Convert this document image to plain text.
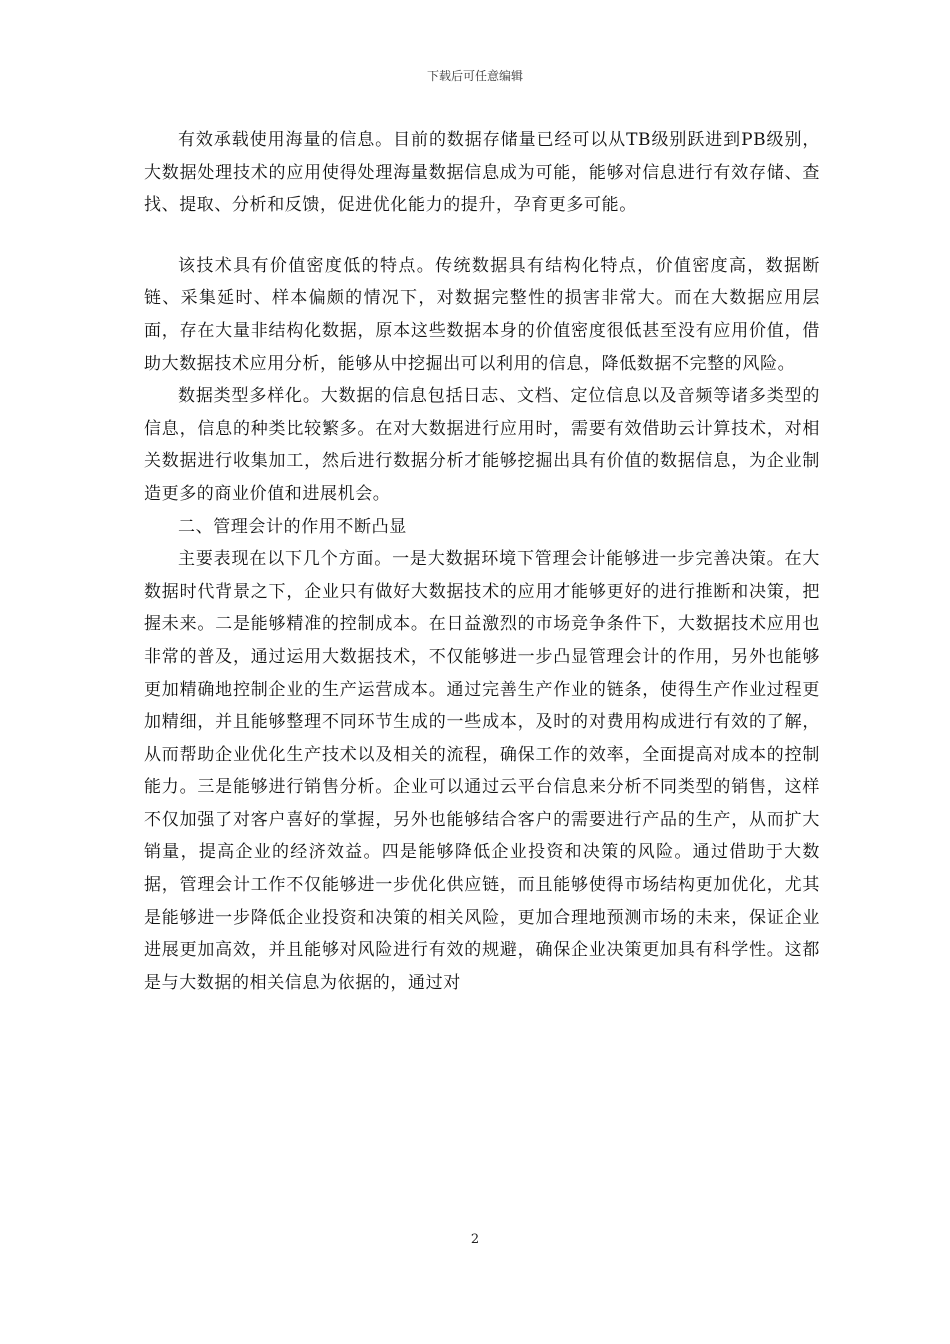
下载后可任意编辑

有效承载使用海量的信息。目前的数据存储量已经可以从TB级别跃进到PB级别，大数据处理技术的应用使得处理海量数据信息成为可能，能够对信息进行有效存储、查找、提取、分析和反馈，促进优化能力的提升，孕育更多可能。

该技术具有价值密度低的特点。传统数据具有结构化特点，价值密度高，数据断链、采集延时、样本偏颇的情况下，对数据完整性的损害非常大。而在大数据应用层面，存在大量非结构化数据，原本这些数据本身的价值密度很低甚至没有应用价值，借助大数据技术应用分析，能够从中挖掘出可以利用的信息，降低数据不完整的风险。

数据类型多样化。大数据的信息包括日志、文档、定位信息以及音频等诸多类型的信息，信息的种类比较繁多。在对大数据进行应用时，需要有效借助云计算技术，对相关数据进行收集加工，然后进行数据分析才能够挖掘出具有价值的数据信息，为企业制造更多的商业价值和进展机会。

二、管理会计的作用不断凸显

主要表现在以下几个方面。一是大数据环境下管理会计能够进一步完善决策。在大数据时代背景之下，企业只有做好大数据技术的应用才能够更好的进行推断和决策，把握未来。二是能够精准的控制成本。在日益激烈的市场竞争条件下，大数据技术应用也非常的普及，通过运用大数据技术，不仅能够进一步凸显管理会计的作用，另外也能够更加精确地控制企业的生产运营成本。通过完善生产作业的链条，使得生产作业过程更加精细，并且能够整理不同环节生成的一些成本，及时的对费用构成进行有效的了解，从而帮助企业优化生产技术以及相关的流程，确保工作的效率，全面提高对成本的控制能力。三是能够进行销售分析。企业可以通过云平台信息来分析不同类型的销售，这样不仅加强了对客户喜好的掌握，另外也能够结合客户的需要进行产品的生产，从而扩大销量，提高企业的经济效益。四是能够降低企业投资和决策的风险。通过借助于大数据，管理会计工作不仅能够进一步优化供应链，而且能够使得市场结构更加优化，尤其是能够进一步降低企业投资和决策的相关风险，更加合理地预测市场的未来，保证企业进展更加高效，并且能够对风险进行有效的规避，确保企业决策更加具有科学性。这都是与大数据的相关信息为依据的，通过对

2
